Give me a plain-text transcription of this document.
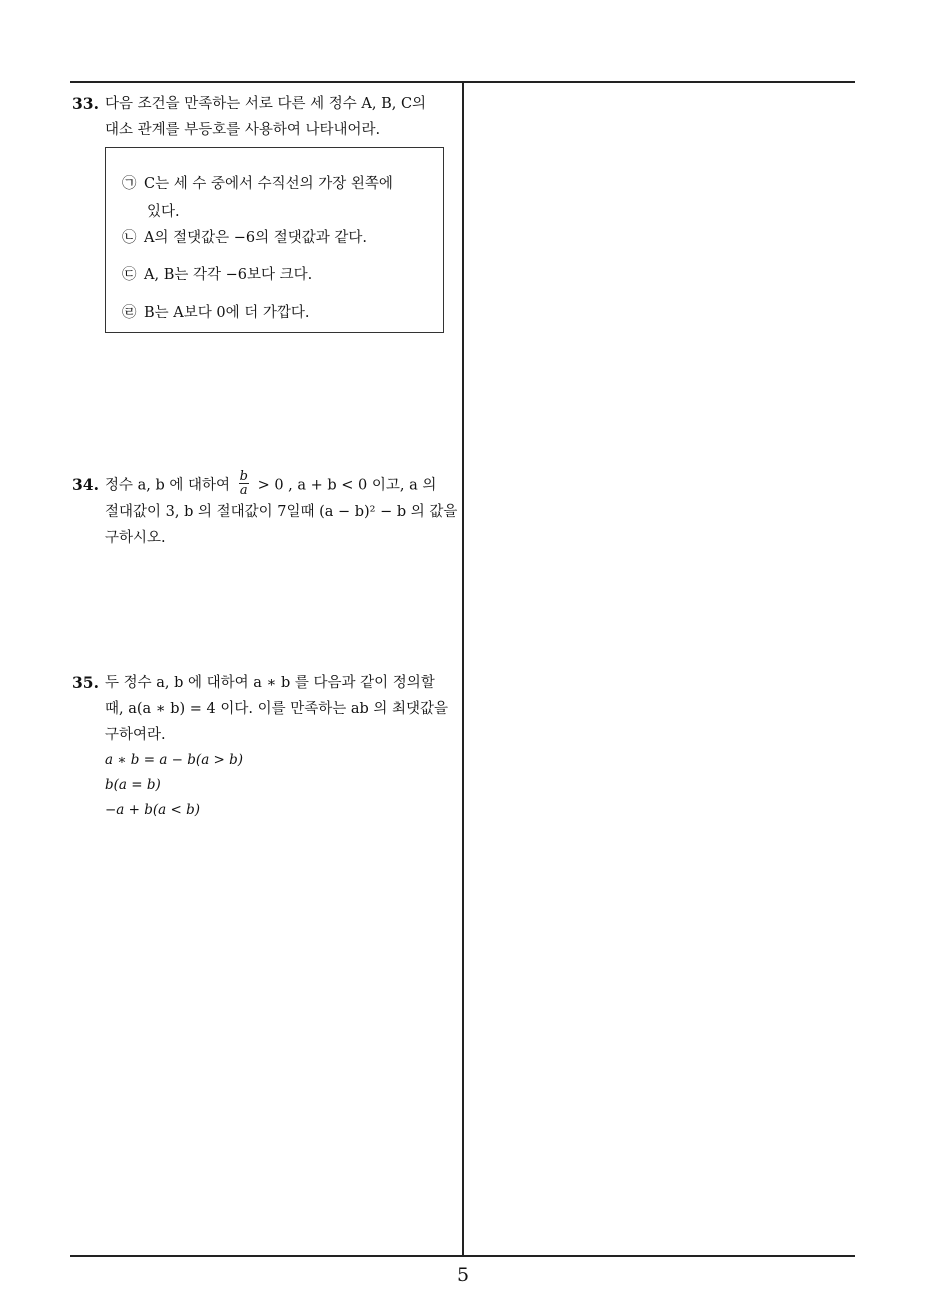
33. 다음 조건을 만족하는 서로 다른 세 정수 A, B, C의
대소 관계를 부등호를 사용하여 나타내어라.
㉠ C는 세 수 중에서 수직선의 가장 왼쪽에
있다.
㉡ A의 절댓값은 −6의 절댓값과 같다.
㉢ A, B는 각각 −6보다 크다.
㉣ B는 A보다 0에 더 가깝다.
34. 정수 a, b 에 대하여 $\frac{b}{a} > 0$ , a + b < 0 이고, a 의
절대값이 3, b 의 절대값이 7일때 (a − b)² − b 의 값을
구하시오.
35. 두 정수 a, b 에 대하여 a ∗ b 를 다음과 같이 정의할
때, a(a ∗ b) = 4 이다. 이를 만족하는 ab 의 최댓값을
구하여라.
a ∗ b = a − b(a > b)
b(a = b)
−a + b(a < b)
5
